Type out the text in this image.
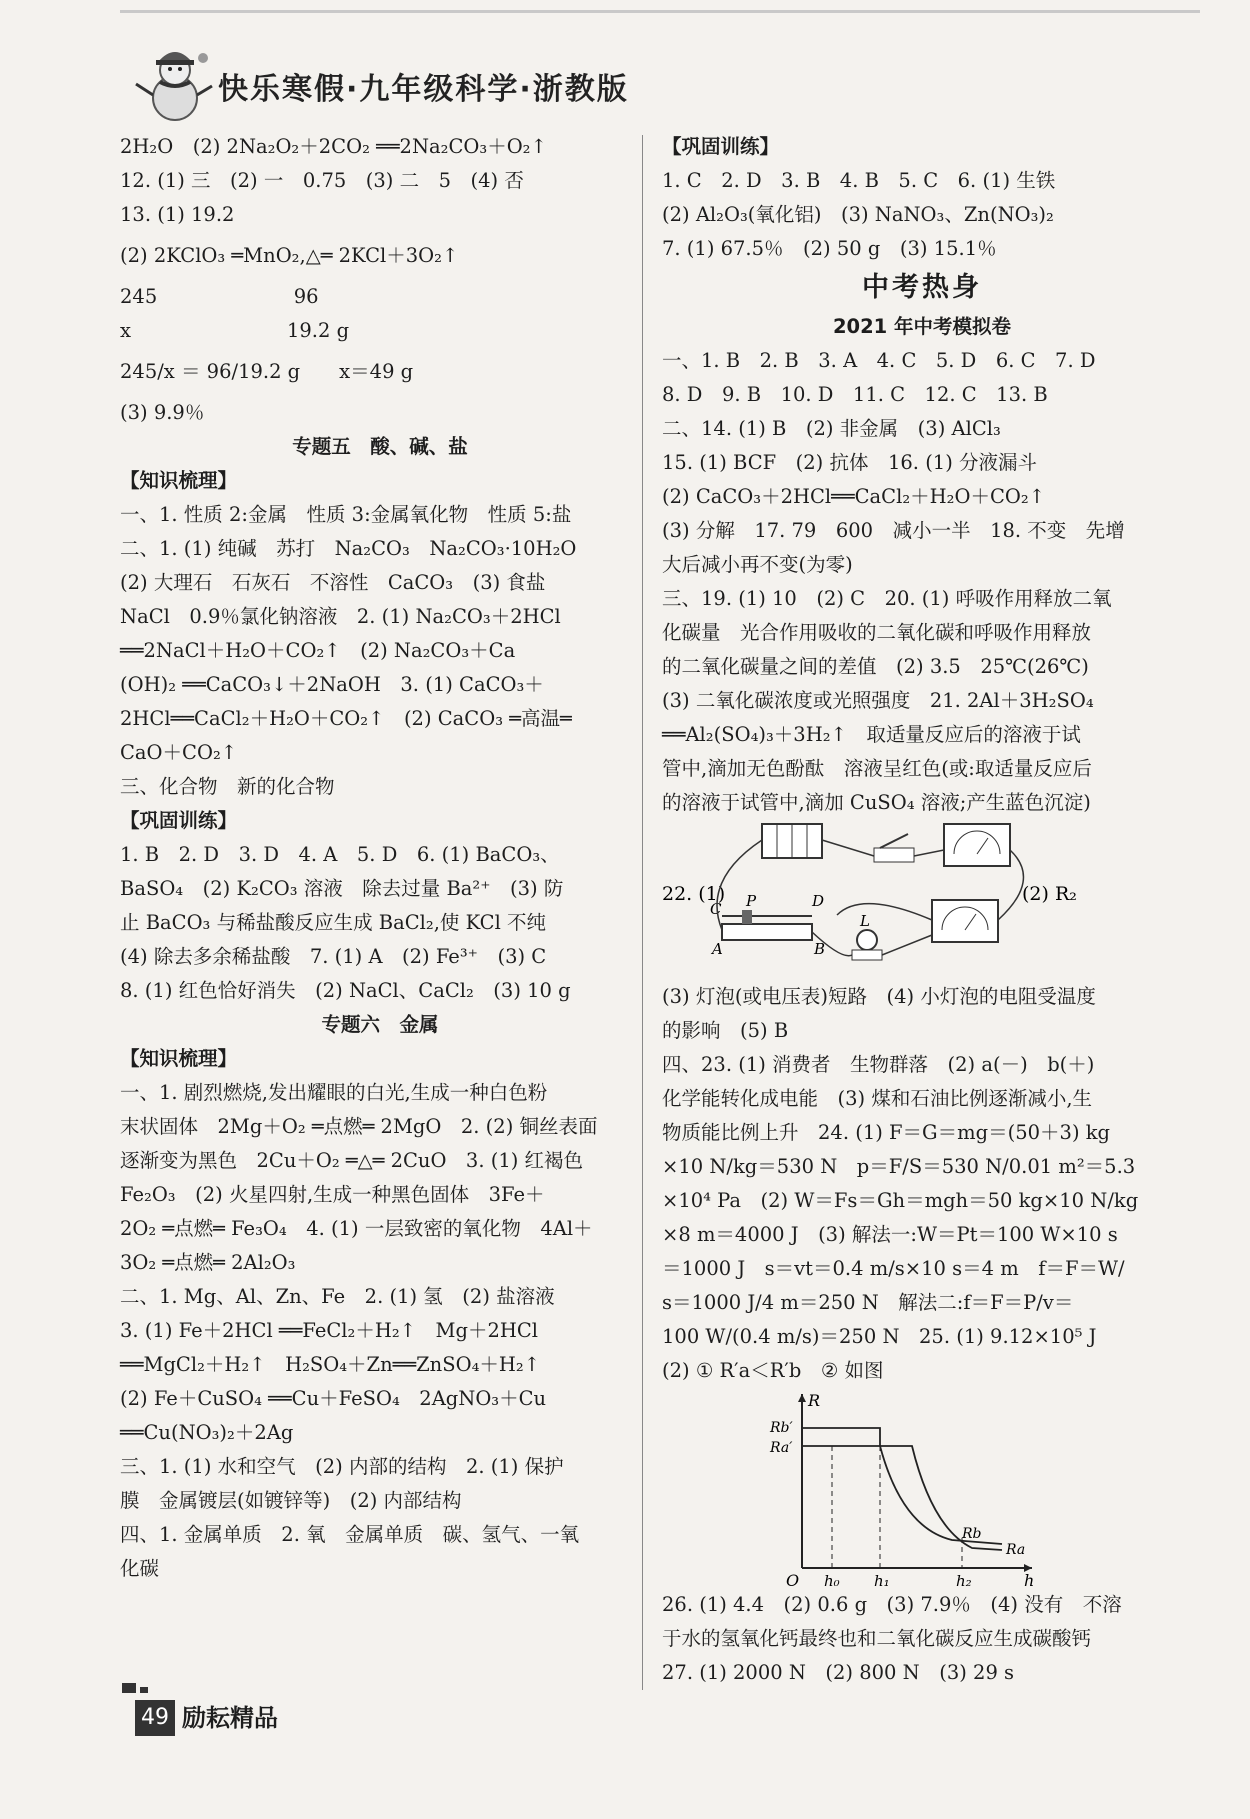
快乐寒假·九年级科学·浙教版
2H₂O　(2) 2Na₂O₂＋2CO₂ ══2Na₂CO₃＋O₂↑
12. (1) 三　(2) 一　0.75　(3) 二　5　(4) 否
13. (1) 19.2
(2) 2KClO₃ ═MnO₂,△═ 2KCl＋3O₂↑
245　　　　　　　96
x　　　　　　　　19.2 g
245/x ＝ 96/19.2 g　　x＝49 g
(3) 9.9％
专题五　酸、碱、盐
【知识梳理】
一、1. 性质 2:金属　性质 3:金属氧化物　性质 5:盐
二、1. (1) 纯碱　苏打　Na₂CO₃　Na₂CO₃·10H₂O
(2) 大理石　石灰石　不溶性　CaCO₃　(3) 食盐
NaCl　0.9％氯化钠溶液　2. (1) Na₂CO₃＋2HCl
══2NaCl＋H₂O＋CO₂↑　(2) Na₂CO₃＋Ca
(OH)₂ ══CaCO₃↓＋2NaOH　3. (1) CaCO₃＋
2HCl══CaCl₂＋H₂O＋CO₂↑　(2) CaCO₃ ═高温═
CaO＋CO₂↑
三、化合物　新的化合物
【巩固训练】
1. B　2. D　3. D　4. A　5. D　6. (1) BaCO₃、
BaSO₄　(2) K₂CO₃ 溶液　除去过量 Ba²⁺　(3) 防
止 BaCO₃ 与稀盐酸反应生成 BaCl₂,使 KCl 不纯
(4) 除去多余稀盐酸　7. (1) A　(2) Fe³⁺　(3) C
8. (1) 红色恰好消失　(2) NaCl、CaCl₂　(3) 10 g
专题六　金属
【知识梳理】
一、1. 剧烈燃烧,发出耀眼的白光,生成一种白色粉
末状固体　2Mg＋O₂ ═点燃═ 2MgO　2. (2) 铜丝表面
逐渐变为黑色　2Cu＋O₂ ═△═ 2CuO　3. (1) 红褐色
Fe₂O₃　(2) 火星四射,生成一种黑色固体　3Fe＋
2O₂ ═点燃═ Fe₃O₄　4. (1) 一层致密的氧化物　4Al＋
3O₂ ═点燃═ 2Al₂O₃
二、1. Mg、Al、Zn、Fe　2. (1) 氢　(2) 盐溶液
3. (1) Fe＋2HCl ══FeCl₂＋H₂↑　Mg＋2HCl
══MgCl₂＋H₂↑　H₂SO₄＋Zn══ZnSO₄＋H₂↑
(2) Fe＋CuSO₄ ══Cu＋FeSO₄　2AgNO₃＋Cu
══Cu(NO₃)₂＋2Ag
三、1. (1) 水和空气　(2) 内部的结构　2. (1) 保护
膜　金属镀层(如镀锌等)　(2) 内部结构
四、1. 金属单质　2. 氧　金属单质　碳、氢气、一氧
化碳
【巩固训练】
1. C　2. D　3. B　4. B　5. C　6. (1) 生铁
(2) Al₂O₃(氧化铝)　(3) NaNO₃、Zn(NO₃)₂
7. (1) 67.5％　(2) 50 g　(3) 15.1％
中考热身
2021 年中考模拟卷
一、1. B　2. B　3. A　4. C　5. D　6. C　7. D
8. D　9. B　10. D　11. C　12. C　13. B
二、14. (1) B　(2) 非金属　(3) AlCl₃
15. (1) BCF　(2) 抗体　16. (1) 分液漏斗
(2) CaCO₃＋2HCl══CaCl₂＋H₂O＋CO₂↑
(3) 分解　17. 79　600　减小一半　18. 不变　先增
大后减小再不变(为零)
三、19. (1) 10　(2) C　20. (1) 呼吸作用释放二氧
化碳量　光合作用吸收的二氧化碳和呼吸作用释放
的二氧化碳量之间的差值　(2) 3.5　25℃(26℃)
(3) 二氧化碳浓度或光照强度　21. 2Al＋3H₂SO₄
══Al₂(SO₄)₃＋3H₂↑　取适量反应后的溶液于试
管中,滴加无色酚酞　溶液呈红色(或:取适量反应后
的溶液于试管中,滴加 CuSO₄ 溶液;产生蓝色沉淀)
22. (1)	(2) R₂
C P	D
A	B
L
(3) 灯泡(或电压表)短路　(4) 小灯泡的电阻受温度
的影响　(5) B
四、23. (1) 消费者　生物群落　(2) a(－)　b(＋)
化学能转化成电能　(3) 煤和石油比例逐渐减小,生
物质能比例上升　24. (1) F＝G＝mg＝(50＋3) kg
×10 N/kg＝530 N　p＝F/S＝530 N/0.01 m²＝5.3
×10⁴ Pa　(2) W＝Fs＝Gh＝mgh＝50 kg×10 N/kg
×8 m＝4000 J　(3) 解法一:W＝Pt＝100 W×10 s
＝1000 J　s＝vt＝0.4 m/s×10 s＝4 m　f＝F＝W/
s＝1000 J/4 m＝250 N　解法二:f＝F＝P/v＝
100 W/(0.4 m/s)＝250 N　25. (1) 9.12×10⁵ J
(2) ① R′a＜R′b　② 如图
R
h
O
Rb′
Ra′
Rb
Ra
h₀ h₁	h₂
26. (1) 4.4　(2) 0.6 g　(3) 7.9％　(4) 没有　不溶
于水的氢氧化钙最终也和二氧化碳反应生成碳酸钙
27. (1) 2000 N　(2) 800 N　(3) 29 s
49 励耘精品
